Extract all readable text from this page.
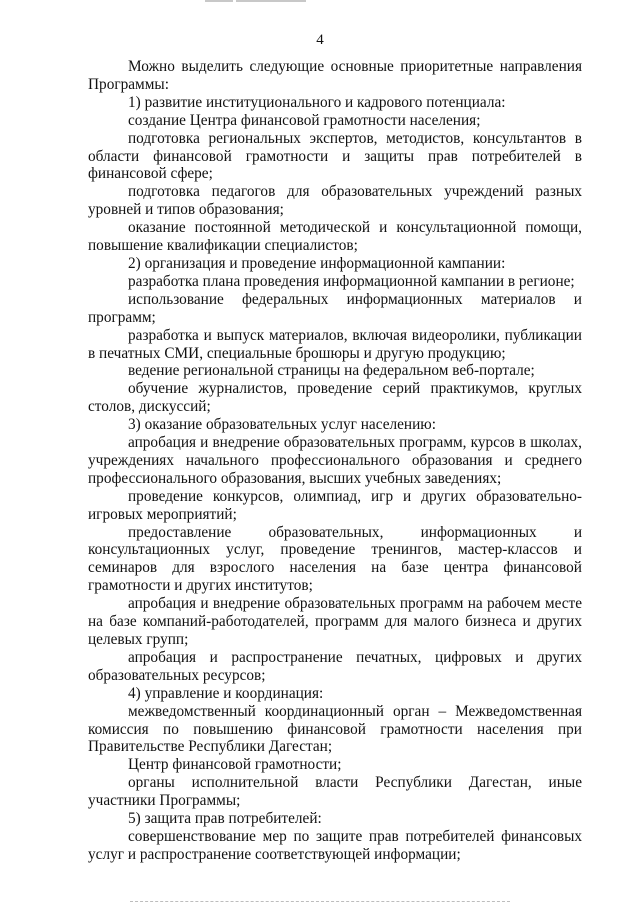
4

Можно выделить следующие основные приоритетные направления Программы:

1) развитие институционального и кадрового потенциала:

создание Центра финансовой грамотности населения;

подготовка региональных экспертов, методистов, консультантов в области финансовой грамотности и защиты прав потребителей в финансовой сфере;

подготовка педагогов для образовательных учреждений разных уровней и типов образования;

оказание постоянной методической и консультационной помощи, повышение квалификации специалистов;

2) организация и проведение информационной кампании:

разработка плана проведения информационной кампании в регионе;

использование федеральных информационных материалов и программ;

разработка и выпуск материалов, включая видеоролики, публикации в печатных СМИ, специальные брошюры и другую продукцию;

ведение региональной страницы на федеральном веб-портале;

обучение журналистов, проведение серий практикумов, круглых столов, дискуссий;

3) оказание образовательных услуг населению:

апробация и внедрение образовательных программ, курсов в школах, учреждениях начального профессионального образования и среднего профессионального образования, высших учебных заведениях;

проведение конкурсов, олимпиад, игр и других образовательно-игровых мероприятий;

предоставление образовательных, информационных и консультационных услуг, проведение тренингов, мастер-классов и семинаров для взрослого населения на базе центра финансовой грамотности и других институтов;

апробация и внедрение образовательных программ на рабочем месте на базе компаний-работодателей, программ для малого бизнеса и других целевых групп;

апробация и распространение печатных, цифровых и других образовательных ресурсов;

4) управление и координация:

межведомственный координационный орган – Межведомственная комиссия по повышению финансовой грамотности населения при Правительстве Республики Дагестан;

Центр финансовой грамотности;

органы исполнительной власти Республики Дагестан, иные участники Программы;

5) защита прав потребителей:

совершенствование мер по защите прав потребителей финансовых услуг и распространение соответствующей информации;
